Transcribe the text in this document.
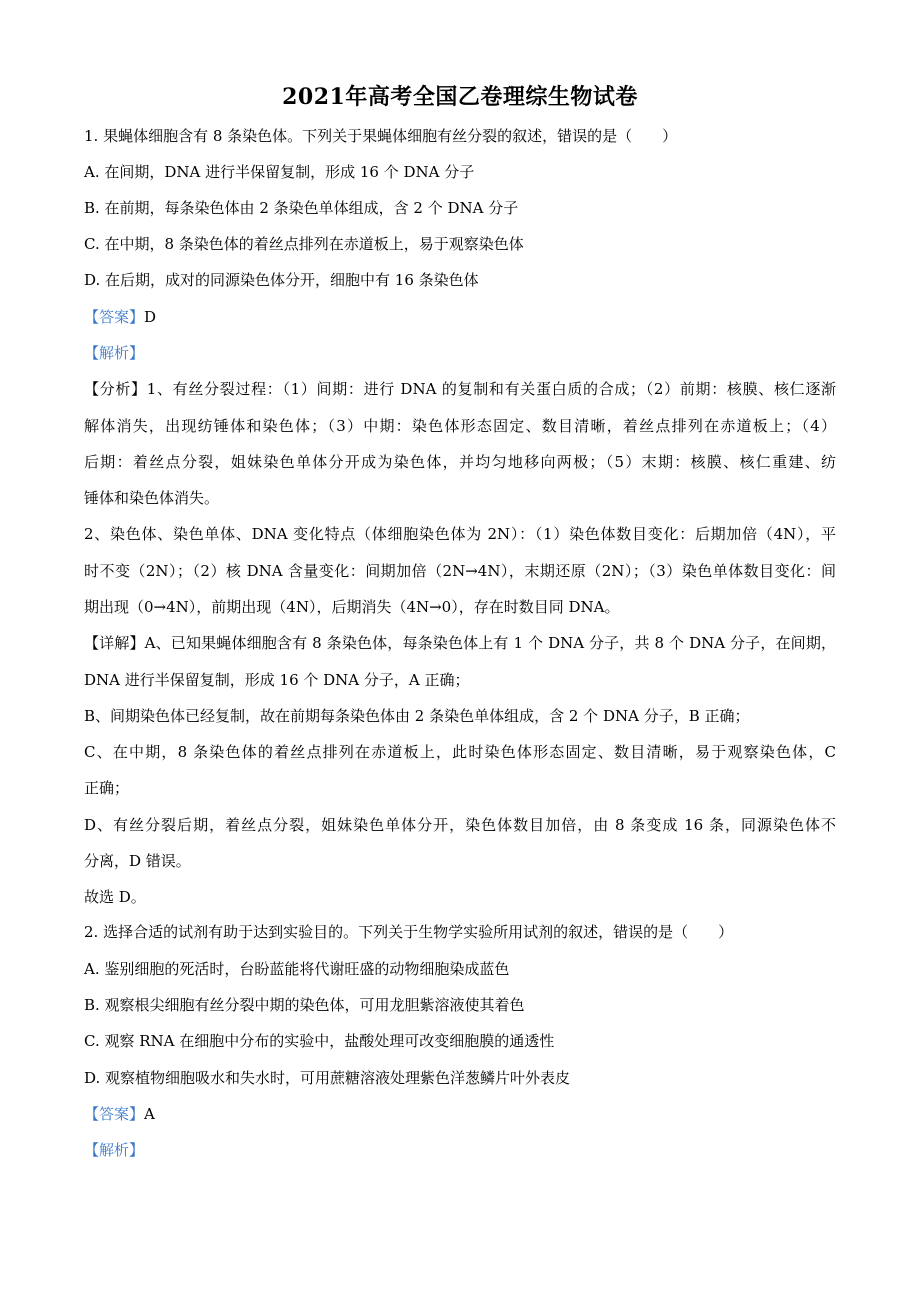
2021年高考全国乙卷理综生物试卷
1. 果蝇体细胞含有 8 条染色体。下列关于果蝇体细胞有丝分裂的叙述，错误的是（　　）
A. 在间期，DNA 进行半保留复制，形成 16 个 DNA 分子
B. 在前期，每条染色体由 2 条染色单体组成，含 2 个 DNA 分子
C. 在中期，8 条染色体的着丝点排列在赤道板上，易于观察染色体
D. 在后期，成对的同源染色体分开，细胞中有 16 条染色体
【答案】D
【解析】
【分析】1、有丝分裂过程：（1）间期：进行 DNA 的复制和有关蛋白质的合成；（2）前期：核膜、核仁逐渐
解体消失，出现纺锤体和染色体；（3）中期：染色体形态固定、数目清晰，着丝点排列在赤道板上；（4）
后期：着丝点分裂，姐妹染色单体分开成为染色体，并均匀地移向两极；（5）末期：核膜、核仁重建、纺
锤体和染色体消失。
2、染色体、染色单体、DNA 变化特点（体细胞染色体为 2N）：（1）染色体数目变化：后期加倍（4N），平
时不变（2N）；（2）核 DNA 含量变化：间期加倍（2N→4N），末期还原（2N）；（3）染色单体数目变化：间
期出现（0→4N），前期出现（4N），后期消失（4N→0），存在时数目同 DNA。
【详解】A、已知果蝇体细胞含有 8 条染色体，每条染色体上有 1 个 DNA 分子，共 8 个 DNA 分子，在间期，
DNA 进行半保留复制，形成 16 个 DNA 分子，A 正确；
B、间期染色体已经复制，故在前期每条染色体由 2 条染色单体组成，含 2 个 DNA 分子，B 正确；
C、在中期，8 条染色体的着丝点排列在赤道板上，此时染色体形态固定、数目清晰，易于观察染色体，C
正确；
D、有丝分裂后期，着丝点分裂，姐妹染色单体分开，染色体数目加倍，由 8 条变成 16 条，同源染色体不
分离，D 错误。
故选 D。
2. 选择合适的试剂有助于达到实验目的。下列关于生物学实验所用试剂的叙述，错误的是（　　）
A. 鉴别细胞的死活时，台盼蓝能将代谢旺盛的动物细胞染成蓝色
B. 观察根尖细胞有丝分裂中期的染色体，可用龙胆紫溶液使其着色
C. 观察 RNA 在细胞中分布的实验中，盐酸处理可改变细胞膜的通透性
D. 观察植物细胞吸水和失水时，可用蔗糖溶液处理紫色洋葱鳞片叶外表皮
【答案】A
【解析】
